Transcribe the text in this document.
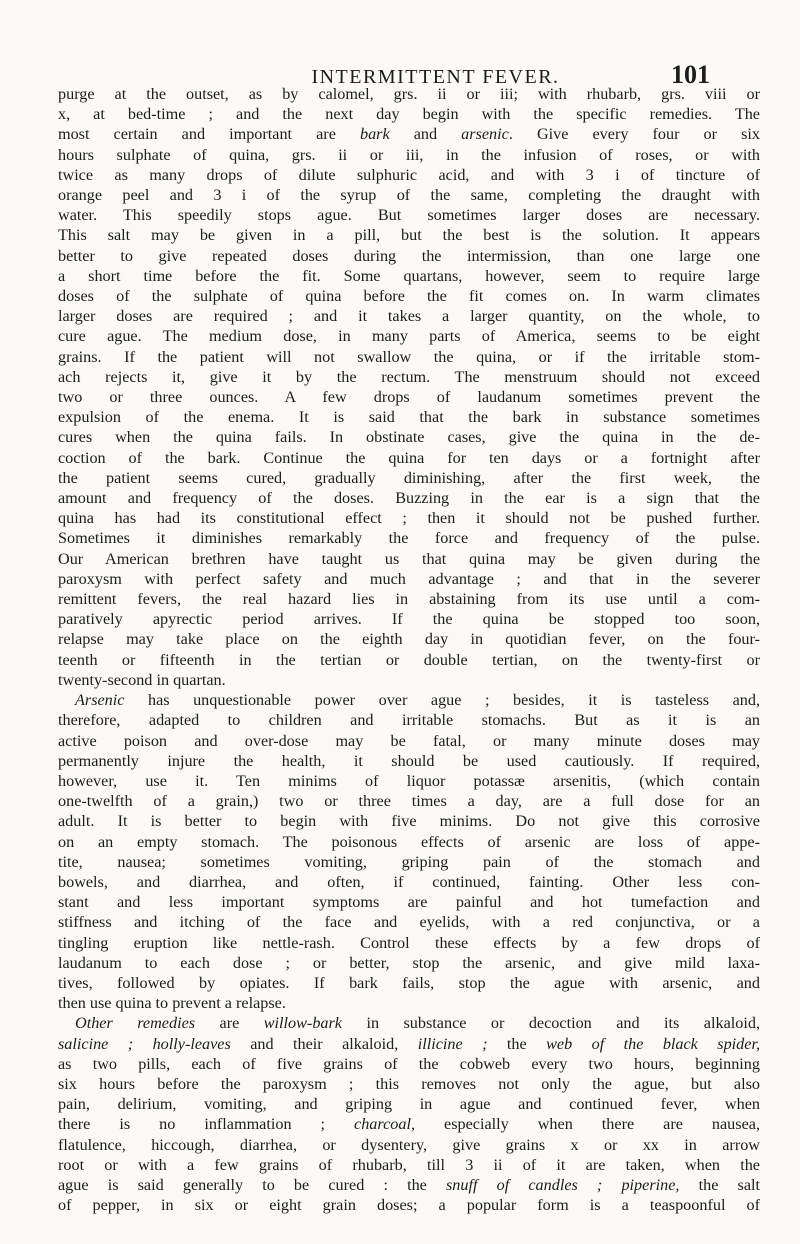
INTERMITTENT FEVER.	101
purge at the outset, as by calomel, grs. ii or iii; with rhubarb, grs. viii or
x, at bed-time ; and the next day begin with the specific remedies. The
most certain and important are bark and arsenic. Give every four or six
hours sulphate of quina, grs. ii or iii, in the infusion of roses, or with
twice as many drops of dilute sulphuric acid, and with 3 i of tincture of
orange peel and 3 i of the syrup of the same, completing the draught with
water. This speedily stops ague. But sometimes larger doses are necessary.
This salt may be given in a pill, but the best is the solution. It appears
better to give repeated doses during the intermission, than one large one
a short time before the fit. Some quartans, however, seem to require large
doses of the sulphate of quina before the fit comes on. In warm climates
larger doses are required ; and it takes a larger quantity, on the whole, to
cure ague. The medium dose, in many parts of America, seems to be eight
grains. If the patient will not swallow the quina, or if the irritable stom-
ach rejects it, give it by the rectum. The menstruum should not exceed
two or three ounces. A few drops of laudanum sometimes prevent the
expulsion of the enema. It is said that the bark in substance sometimes
cures when the quina fails. In obstinate cases, give the quina in the de-
coction of the bark. Continue the quina for ten days or a fortnight after
the patient seems cured, gradually diminishing, after the first week, the
amount and frequency of the doses. Buzzing in the ear is a sign that the
quina has had its constitutional effect ; then it should not be pushed further.
Sometimes it diminishes remarkably the force and frequency of the pulse.
Our American brethren have taught us that quina may be given during the
paroxysm with perfect safety and much advantage ; and that in the severer
remittent fevers, the real hazard lies in abstaining from its use until a com-
paratively apyrectic period arrives. If the quina be stopped too soon,
relapse may take place on the eighth day in quotidian fever, on the four-
teenth or fifteenth in the tertian or double tertian, on the twenty-first or
twenty-second in quartan.
Arsenic has unquestionable power over ague ; besides, it is tasteless and,
therefore, adapted to children and irritable stomachs. But as it is an
active poison and over-dose may be fatal, or many minute doses may
permanently injure the health, it should be used cautiously. If required,
however, use it. Ten minims of liquor potassæ arsenitis, (which contain
one-twelfth of a grain,) two or three times a day, are a full dose for an
adult. It is better to begin with five minims. Do not give this corrosive
on an empty stomach. The poisonous effects of arsenic are loss of appe-
tite, nausea; sometimes vomiting, griping pain of the stomach and
bowels, and diarrhea, and often, if continued, fainting. Other less con-
stant and less important symptoms are painful and hot tumefaction and
stiffness and itching of the face and eyelids, with a red conjunctiva, or a
tingling eruption like nettle-rash. Control these effects by a few drops of
laudanum to each dose ; or better, stop the arsenic, and give mild laxa-
tives, followed by opiates. If bark fails, stop the ague with arsenic, and
then use quina to prevent a relapse.
Other remedies are willow-bark in substance or decoction and its alkaloid,
salicine ; holly-leaves and their alkaloid, illicine ; the web of the black spider,
as two pills, each of five grains of the cobweb every two hours, beginning
six hours before the paroxysm ; this removes not only the ague, but also
pain, delirium, vomiting, and griping in ague and continued fever, when
there is no inflammation ; charcoal, especially when there are nausea,
flatulence, hiccough, diarrhea, or dysentery, give grains x or xx in arrow
root or with a few grains of rhubarb, till 3 ii of it are taken, when the
ague is said generally to be cured : the snuff of candles ; piperine, the salt
of pepper, in six or eight grain doses; a popular form is a teaspoonful of
